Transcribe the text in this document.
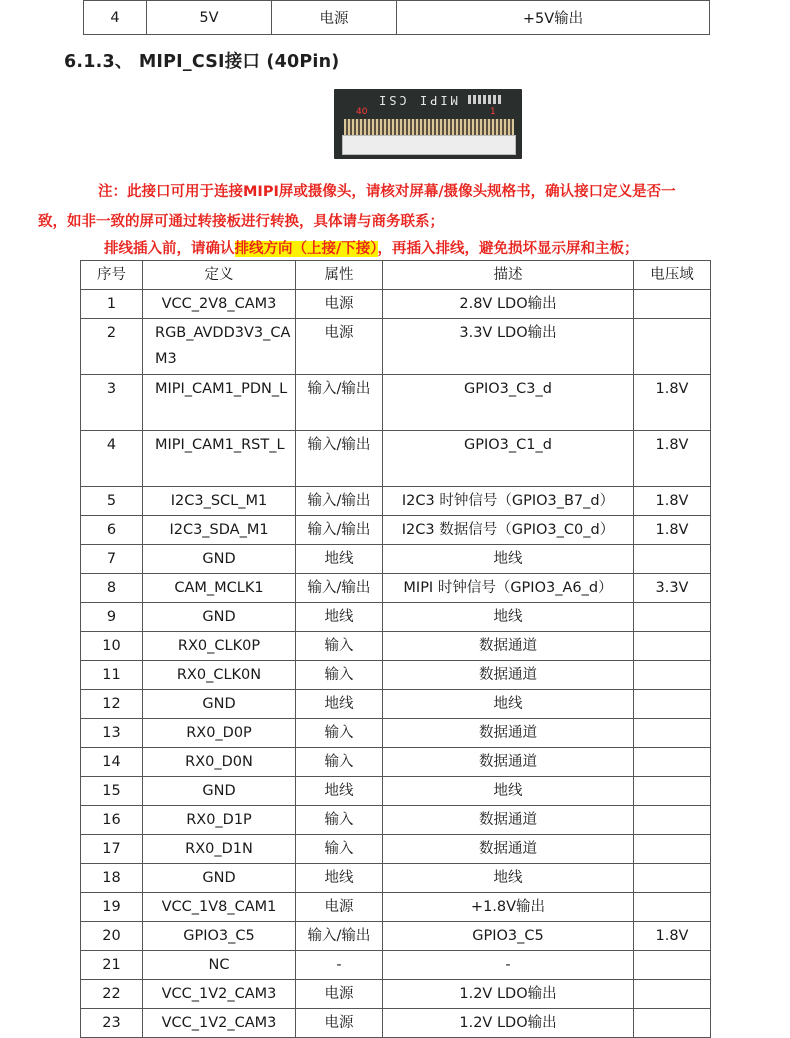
4	5V	电源	+5V输出
6.1.3、 MIPI_CSI接口 (40Pin)
MIPI CSI
40	1
注：此接口可用于连接MIPI屏或摄像头，请核对屏幕/摄像头规格书，确认接口定义是否一
致，如非一致的屏可通过转接板进行转换，具体请与商务联系；
排线插入前，请确认排线方向（上接/下接），再插入排线，避免损坏显示屏和主板；
序号	定义	属性	描述	电压域
1	VCC_2V8_CAM3	电源	2.8V LDO输出	
2	RGB_AVDD3V3_CAM3	电源	3.3V LDO输出	
3	MIPI_CAM1_PDN_L	输入/输出	GPIO3_C3_d	1.8V
4	MIPI_CAM1_RST_L	输入/输出	GPIO3_C1_d	1.8V
5	I2C3_SCL_M1	输入/输出	I2C3 时钟信号（GPIO3_B7_d）	1.8V
6	I2C3_SDA_M1	输入/输出	I2C3 数据信号（GPIO3_C0_d）	1.8V
7	GND	地线	地线	
8	CAM_MCLK1	输入/输出	MIPI 时钟信号（GPIO3_A6_d）	3.3V
9	GND	地线	地线	
10	RX0_CLK0P	输入	数据通道	
11	RX0_CLK0N	输入	数据通道	
12	GND	地线	地线	
13	RX0_D0P	输入	数据通道	
14	RX0_D0N	输入	数据通道	
15	GND	地线	地线	
16	RX0_D1P	输入	数据通道	
17	RX0_D1N	输入	数据通道	
18	GND	地线	地线	
19	VCC_1V8_CAM1	电源	+1.8V输出	
20	GPIO3_C5	输入/输出	GPIO3_C5	1.8V
21	NC	-	-	
22	VCC_1V2_CAM3	电源	1.2V LDO输出	
23	VCC_1V2_CAM3	电源	1.2V LDO输出	
